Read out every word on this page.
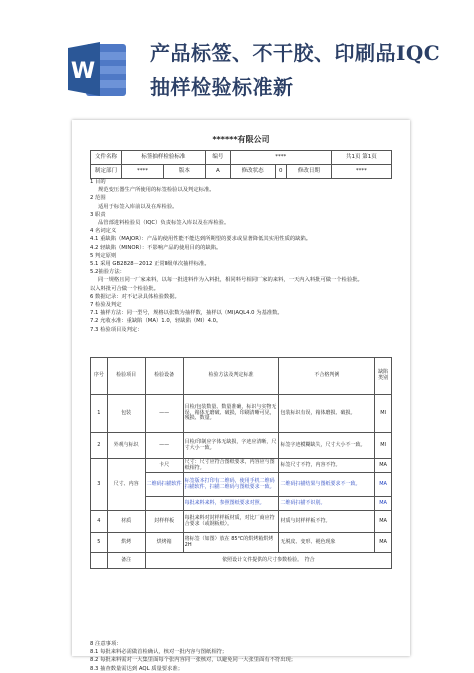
W
产品标签、不干胶、印刷品IQC抽样检验标准新
******有限公司
文件名称	标签抽样检验标准		编号	****			共1页 第1页
制定部门	****	版本	A	修改状态	0	修改日期	****
1 目的
规范变压器生产所使用的标签检验以及判定标准。
2 范围
适用于标签入库前以及在库检验。
3 职责
品管部进料检验员（IQC）负责标签入库以及在库检验。
4 名词定义
4.1 重缺陷（MAJOR）：产品的使用性能不能达到所期望的要求或显著降低其实用性质的缺陷。
4.2 轻缺陷（MINOR）：不影响产品的使用目的的缺陷。
5 判定原则
5.1 采用 GB2828－2012 正常Ⅱ级单次抽样标准。
5.2抽验方法：
同一规格且同一厂家来料，以每一批进料作为入料批，相同料号相同厂家的来料，一天内入料批可做一个检验批。
以入料批可合做一个检验批。
6 数据记录：对不记录具体检验数据。
7 检验及判定
7.1 抽样方法：同一型号，规格以张数为抽样数，抽样以（MI)AQL4.0 为基准数。
7.2 允收水准：重缺陷（MA）1.0，轻缺陷（MI）4.0。
7.3 检验项目及判定：
序号	检验项目	检验设备	检验方法及判定标准	不合格判例	缺陷类别
1	包装	——	目检/包装数量、数量准确，标识与实物无误，箱体无磨破、破损，印刷清晰可见，残损、数量。	包装标识有误，箱体磨损、破损。	MI
2	外观与标识	——	目检/印制应字体无缺损，字迹应清晰，尺寸大小一致。	标签字迹模糊缺失，尺寸大小不一致。	MI
3	尺寸、内容	卡尺	尺寸：尺寸应符合图纸要求，内容应与图纸相符。	标签尺寸不符，内容不符。	MA
		二维码扫描软件	标签版本打印有二维码，使用手机二维码扫描软件，扫描二维码与图纸要求一致。	二维码扫描结果与图纸要求不一致。	MA
			每批来料来料，参照图纸要求对照。	二维码扫描不识别。	MA
4	材质	封样样板	每批来料对封样样板材质，对比厂商应符合要求（或钢板纸）。	材质与封样样板不符。	MA
5	烘烤	烘烤箱	将标签（如图）放在 85℃的烘烤箱烘烤2H	无脱皮、变形、褪色现象	MA
	备注	依照设计文件提供的尺寸参数检验。　符合			
8 注意事项：
8.1 每批来料必需做首检确认，核对一批内容与图纸相符；
8.2 每批来料需对一大集里面每个张内容同一张核对，以避免同一大张里面有不符出现；
8.3 抽查数量需达到 AQL 质量要求准；
